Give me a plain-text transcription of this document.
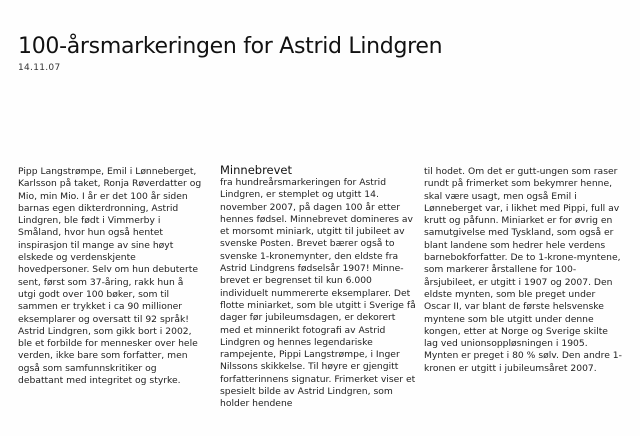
100-årsmarkeringen for Astrid Lindgren
14.11.07

Pipp Langstrømpe, Emil i Lønneberget, Karlsson på taket, Ronja Røverdatter og Mio, min Mio. I år er det 100 år siden barnas egen dikterdronning, Astrid Lindgren, ble født i Vimmerby i Småland, hvor hun også hentet inspirasjon til mange av sine høyt elskede og verdenskjente hovedpersoner. Selv om hun debuterte sent, først som 37-åring, rakk hun å utgi godt over 100 bøker, som til sammen er trykket i ca 90 millioner eksemplarer og oversatt til 92 språk! Astrid Lindgren, som gikk bort i 2002, ble et forbilde for mennesker over hele verden, ikke bare som forfatter, men også som samfunnskritiker og debattant med integritet og styrke.

Minnebrevet

fra hundreårsmarkeringen for Astrid Lindgren, er stemplet og utgitt 14. november 2007, på dagen 100 år etter hennes fødsel. Minnebrevet domineres av et morsomt miniark, utgitt til jubileet av svenske Posten. Brevet bærer også to svenske 1-kronemynter, den eldste fra Astrid Lindgrens fødselsår 1907! Minne-brevet er begrenset til kun 6.000 individuelt nummererte eksemplarer. Det flotte miniarket, som ble utgitt i Sverige få dager før jubileumsdagen, er dekorert med et minnerikt fotografi av Astrid Lindgren og hennes legendariske rampejente, Pippi Langstrømpe, i Inger Nilssons skikkelse. Til høyre er gjengitt forfatterinnens signatur. Frimerket viser et spesielt bilde av Astrid Lindgren, som holder hendene

til hodet. Om det er gutt-ungen som raser rundt på frimerket som bekymrer henne, skal være usagt, men også Emil i Lønneberget var, i likhet med Pippi, full av krutt og påfunn. Miniarket er for øvrig en samutgivelse med Tyskland, som også er blant landene som hedrer hele verdens barnebokforfatter. De to 1-krone-myntene, som markerer årstallene for 100-årsjubileet, er utgitt i 1907 og 2007. Den eldste mynten, som ble preget under Oscar II, var blant de første helsvenske myntene som ble utgitt under denne kongen, etter at Norge og Sverige skilte lag ved unionsoppløsningen i 1905. Mynten er preget i 80 % sølv. Den andre 1-kronen er utgitt i jubileumsåret 2007.
